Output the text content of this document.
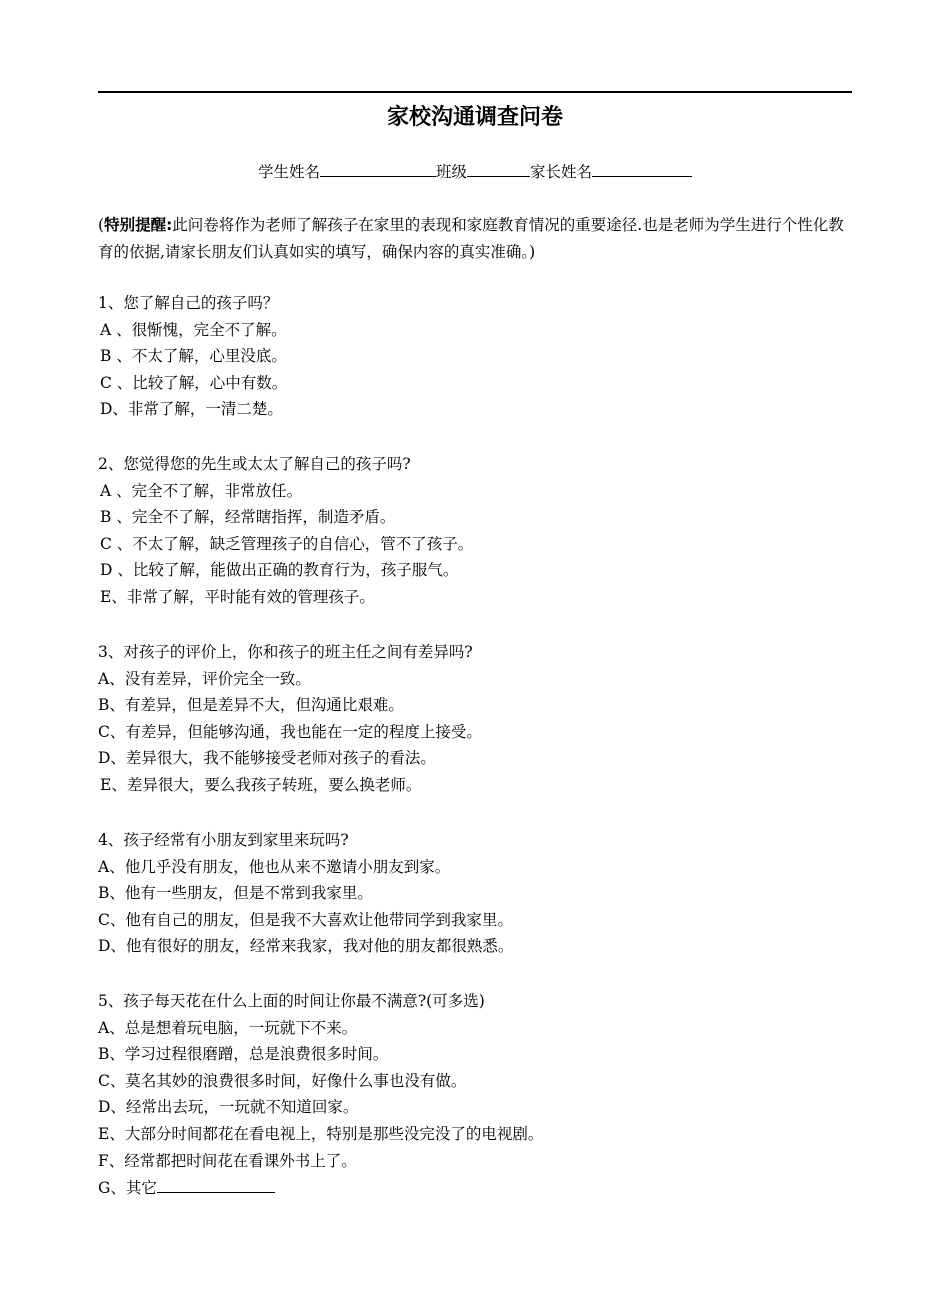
家校沟通调查问卷
学生姓名	班级	家长姓名
(特别提醒:此问卷将作为老师了解孩子在家里的表现和家庭教育情况的重要途径.也是老师为学生进行个性化教育的依据,请家长朋友们认真如实的填写，确保内容的真实准确。)
1、您了解自己的孩子吗？
A 、很惭愧，完全不了解。
B 、不太了解，心里没底。
C 、比较了解，心中有数。
D、非常了解，一清二楚。
2、您觉得您的先生或太太了解自己的孩子吗?
A 、完全不了解，非常放任。
B 、完全不了解，经常瞎指挥，制造矛盾。
C 、不太了解，缺乏管理孩子的自信心，管不了孩子。
D 、比较了解，能做出正确的教育行为，孩子服气。
E、非常了解，平时能有效的管理孩子。
3、对孩子的评价上，你和孩子的班主任之间有差异吗?
A、没有差异，评价完全一致。
B、有差异，但是差异不大，但沟通比艰难。
C、有差异，但能够沟通，我也能在一定的程度上接受。
D、差异很大，我不能够接受老师对孩子的看法。
E、差异很大，要么我孩子转班，要么换老师。
4、孩子经常有小朋友到家里来玩吗?
A、他几乎没有朋友，他也从来不邀请小朋友到家。
B、他有一些朋友，但是不常到我家里。
C、他有自己的朋友，但是我不大喜欢让他带同学到我家里。
D、他有很好的朋友，经常来我家，我对他的朋友都很熟悉。
5、孩子每天花在什么上面的时间让你最不满意?(可多选)
A、总是想着玩电脑，一玩就下不来。
B、学习过程很磨蹭，总是浪费很多时间。
C、莫名其妙的浪费很多时间，好像什么事也没有做。
D、经常出去玩，一玩就不知道回家。
E、大部分时间都花在看电视上，特别是那些没完没了的电视剧。
F、经常都把时间花在看课外书上了。
G、其它
